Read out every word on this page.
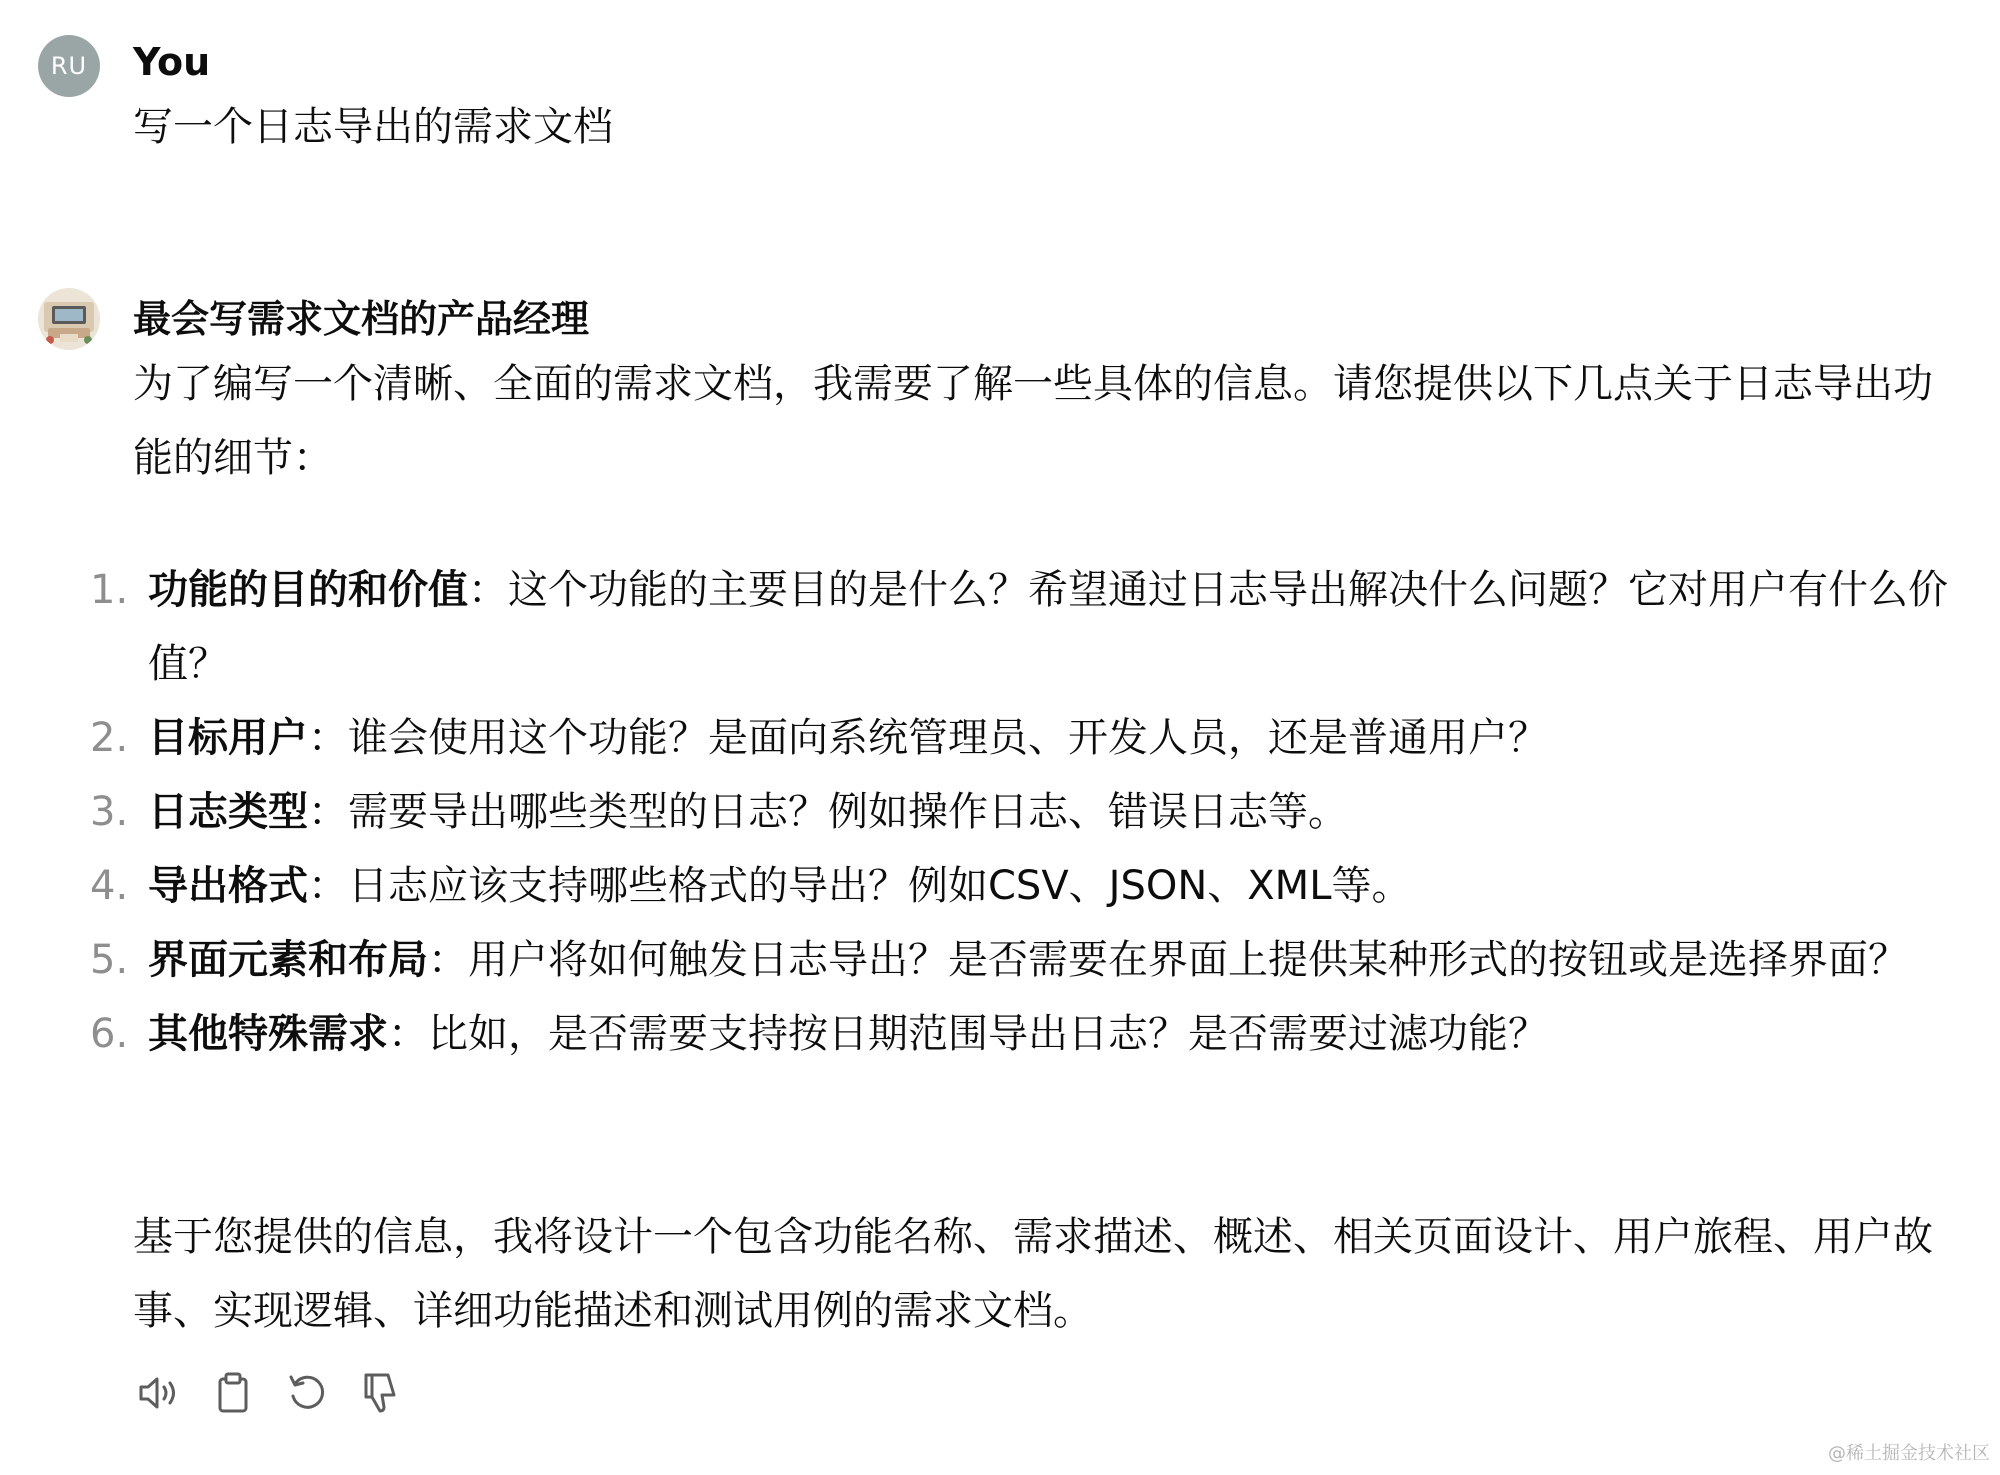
RU	You
写一个日志导出的需求文档
最会写需求文档的产品经理
为了编写一个清晰、全面的需求文档，我需要了解一些具体的信息。请您提供以下几点关于日志导出功能的细节：
1. 功能的目的和价值：这个功能的主要目的是什么？希望通过日志导出解决什么问题？它对用户有什么价值？
2. 目标用户：谁会使用这个功能？是面向系统管理员、开发人员，还是普通用户？
3. 日志类型：需要导出哪些类型的日志？例如操作日志、错误日志等。
4. 导出格式：日志应该支持哪些格式的导出？例如CSV、JSON、XML等。
5. 界面元素和布局：用户将如何触发日志导出？是否需要在界面上提供某种形式的按钮或是选择界面？
6. 其他特殊需求：比如，是否需要支持按日期范围导出日志？是否需要过滤功能？
基于您提供的信息，我将设计一个包含功能名称、需求描述、概述、相关页面设计、用户旅程、用户故事、实现逻辑、详细功能描述和测试用例的需求文档。
@稀土掘金技术社区
